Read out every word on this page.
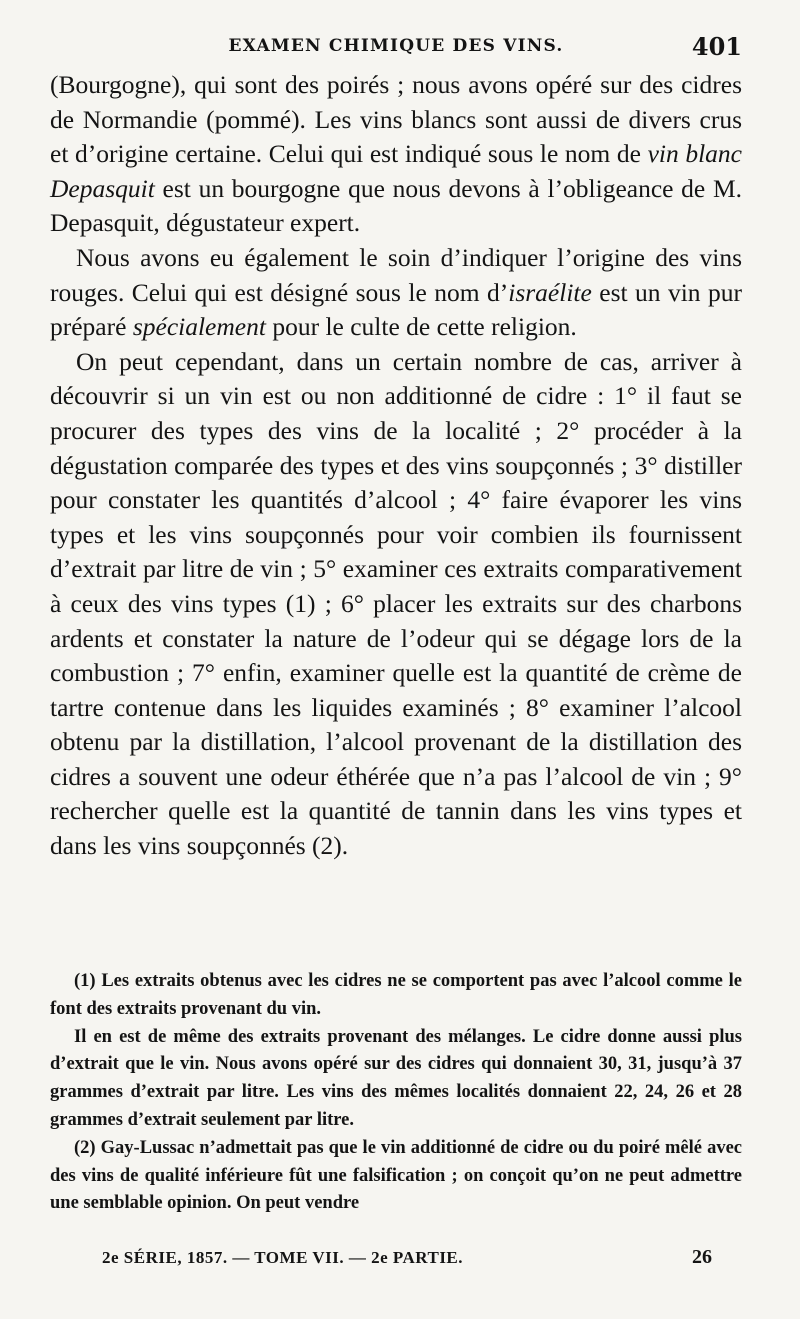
EXAMEN CHIMIQUE DES VINS.	401

(Bourgogne), qui sont des poirés ; nous avons opéré sur des cidres de Normandie (pommé). Les vins blancs sont aussi de divers crus et d’origine certaine. Celui qui est indiqué sous le nom de vin blanc Depasquit est un bourgogne que nous devons à l’obligeance de M. Depasquit, dégustateur expert.

Nous avons eu également le soin d’indiquer l’origine des vins rouges. Celui qui est désigné sous le nom d’israélite est un vin pur préparé spécialement pour le culte de cette religion.

On peut cependant, dans un certain nombre de cas, arriver à découvrir si un vin est ou non additionné de cidre : 1° il faut se procurer des types des vins de la localité ; 2° procéder à la dégustation comparée des types et des vins soupçonnés ; 3° distiller pour constater les quantités d’alcool ; 4° faire évaporer les vins types et les vins soupçonnés pour voir combien ils fournissent d’extrait par litre de vin ; 5° examiner ces extraits comparativement à ceux des vins types (1) ; 6° placer les extraits sur des charbons ardents et constater la nature de l’odeur qui se dégage lors de la combustion ; 7° enfin, examiner quelle est la quantité de crème de tartre contenue dans les liquides examinés ; 8° examiner l’alcool obtenu par la distillation, l’alcool provenant de la distillation des cidres a souvent une odeur éthérée que n’a pas l’alcool de vin ; 9° rechercher quelle est la quantité de tannin dans les vins types et dans les vins soupçonnés (2).

(1) Les extraits obtenus avec les cidres ne se comportent pas avec l’alcool comme le font des extraits provenant du vin.

Il en est de même des extraits provenant des mélanges. Le cidre donne aussi plus d’extrait que le vin. Nous avons opéré sur des cidres qui donnaient 30, 31, jusqu’à 37 grammes d’extrait par litre. Les vins des mêmes localités donnaient 22, 24, 26 et 28 grammes d’extrait seulement par litre.

(2) Gay-Lussac n’admettait pas que le vin additionné de cidre ou du poiré mêlé avec des vins de qualité inférieure fût une falsification ; on conçoit qu’on ne peut admettre une semblable opinion. On peut vendre

2e SÉRIE, 1857. — TOME VII. — 2e PARTIE.	26
